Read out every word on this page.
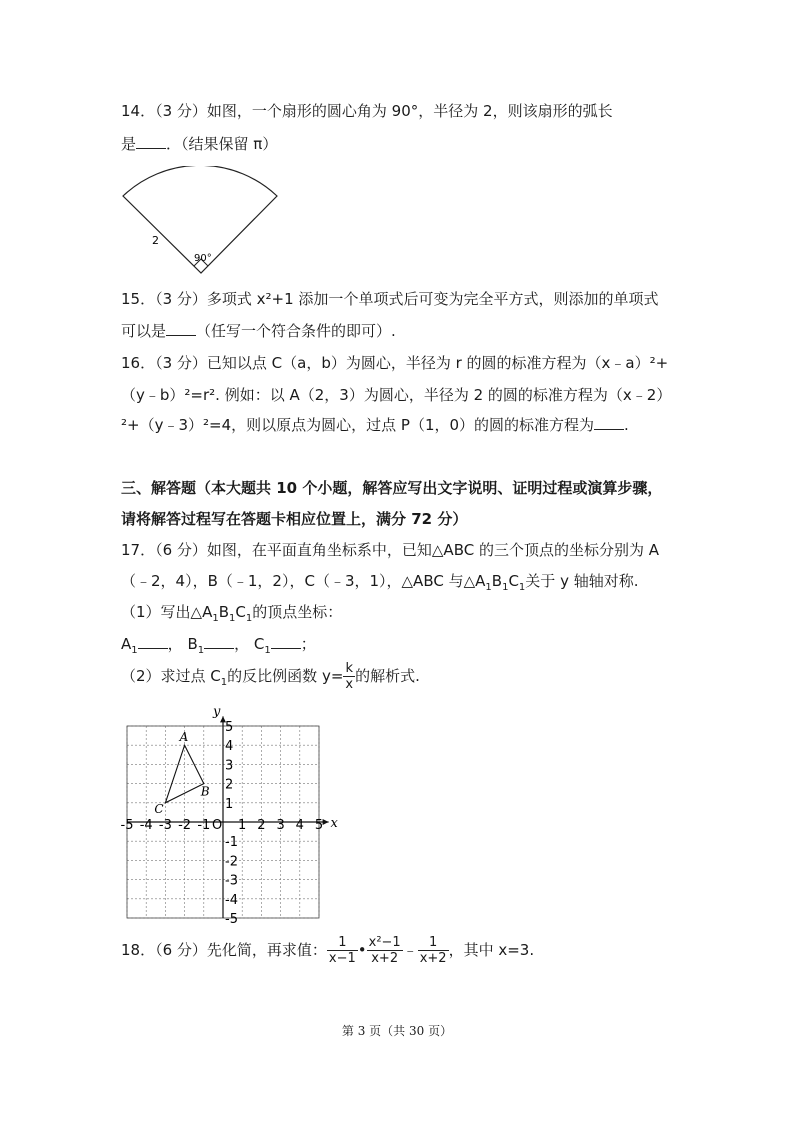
14．（3 分）如图，一个扇形的圆心角为 90°，半径为 2，则该扇形的弧长
是 ．（结果保留 π）
2
90°
15．（3 分）多项式 x²+1 添加一个单项式后可变为完全平方式，则添加的单项式
可以是 （任写一个符合条件的即可）.
16．（3 分）已知以点 C（a，b）为圆心，半径为 r 的圆的标准方程为（x﹣a）²+
（y﹣b）²=r². 例如：以 A（2，3）为圆心，半径为 2 的圆的标准方程为（x﹣2）
²+（y﹣3）²=4，则以原点为圆心，过点 P（1，0）的圆的标准方程为 .
三、解答题（本大题共 10 个小题，解答应写出文字说明、证明过程或演算步骤，
请将解答过程写在答题卡相应位置上，满分 72 分）
17．（6 分）如图，在平面直角坐标系中，已知△ABC 的三个顶点的坐标分别为 A
（﹣2，4），B（﹣1，2），C（﹣3，1），△ABC 与$\triangle A_1B_1C_1$关于 y 轴轴对称.
（1）写出$\triangle A_1B_1C_1$的顶点坐标：
$A_1$ ， $B_1$ ， $C_1$ ；
（2）求过点 $C_1$的反比例函数 $y= \frac{k}{x}$ 的解析式.
x
y
O
-5 -4 -3 -2 -1 1 2 3 4 5
5
4
3
2
1
-1
-2
-3
-4
-5
A
B
C
18．（6 分）先化简，再求值： $\frac{1}{x-1}$ • $\frac{\text{x²−1}}{x+2}$ ﹣ $\frac{1}{x+2}$ ，其中 x=3.
第 3 页（共 30 页）
